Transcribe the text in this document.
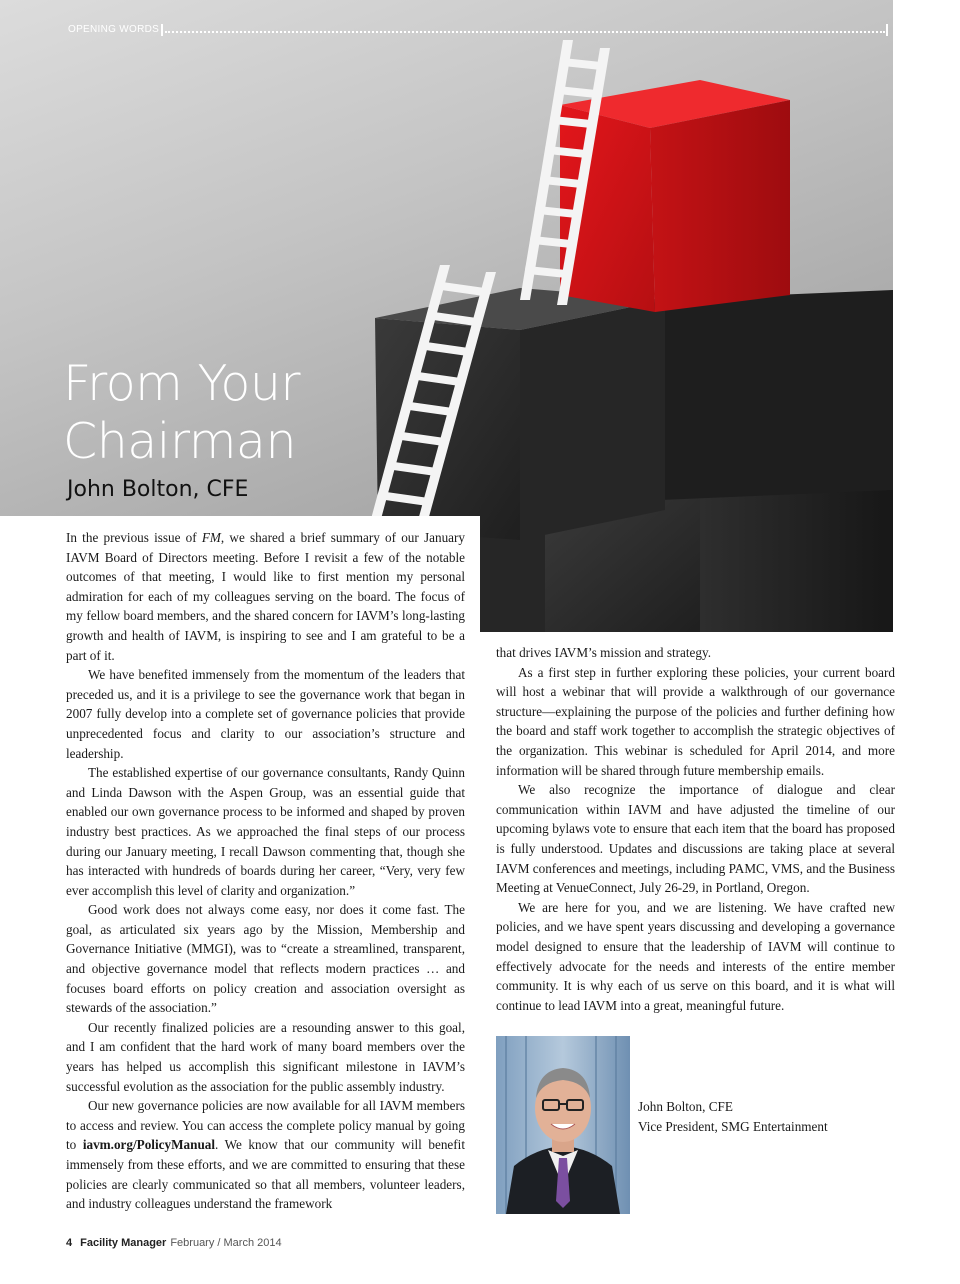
OPENING WORDS
From Your
Chairman
John Bolton, CFE

In the previous issue of FM, we shared a brief summary of our January IAVM Board of Directors meeting. Before I revisit a few of the notable outcomes of that meeting, I would like to first mention my personal admiration for each of my colleagues serving on the board. The focus of my fellow board members, and the shared concern for IAVM’s long-lasting growth and health of IAVM, is inspiring to see and I am grateful to be a part of it.

We have benefited immensely from the momentum of the leaders that preceded us, and it is a privilege to see the governance work that began in 2007 fully develop into a complete set of governance policies that provide unprecedented focus and clarity to our association’s structure and leadership.

The established expertise of our governance consultants, Randy Quinn and Linda Dawson with the Aspen Group, was an essential guide that enabled our own governance process to be informed and shaped by proven industry best practices. As we approached the final steps of our process during our January meeting, I recall Dawson commenting that, though she has interacted with hundreds of boards during her career, “Very, very few ever accomplish this level of clarity and organization.”

Good work does not always come easy, nor does it come fast. The goal, as articulated six years ago by the Mission, Membership and Governance Initiative (MMGI), was to “create a streamlined, transparent, and objective governance model that reflects modern practices … and focuses board efforts on policy creation and association oversight as stewards of the association.”

Our recently finalized policies are a resounding answer to this goal, and I am confident that the hard work of many board members over the years has helped us accomplish this significant milestone in IAVM’s successful evolution as the association for the public assembly industry.

Our new governance policies are now available for all IAVM members to access and review. You can access the complete policy manual by going to iavm.org/PolicyManual. We know that our community will benefit immensely from these efforts, and we are committed to ensuring that these policies are clearly communicated so that all members, volunteer leaders, and industry colleagues understand the framework

that drives IAVM’s mission and strategy.

As a first step in further exploring these policies, your current board will host a webinar that will provide a walkthrough of our governance structure—explaining the purpose of the policies and further defining how the board and staff work together to accomplish the strategic objectives of the organization. This webinar is scheduled for April 2014, and more information will be shared through future membership emails.

We also recognize the importance of dialogue and clear communication within IAVM and have adjusted the timeline of our upcoming bylaws vote to ensure that each item that the board has proposed is fully understood. Updates and discussions are taking place at several IAVM conferences and meetings, including PAMC, VMS, and the Business Meeting at VenueConnect, July 26-29, in Portland, Oregon.

We are here for you, and we are listening. We have crafted new policies, and we have spent years discussing and developing a governance model designed to ensure that the leadership of IAVM will continue to effectively advocate for the needs and interests of the entire member community. It is why each of us serve on this board, and it is what will continue to lead IAVM into a great, meaningful future.

John Bolton, CFE
Vice President, SMG Entertainment
4 Facility Manager February / March 2014
